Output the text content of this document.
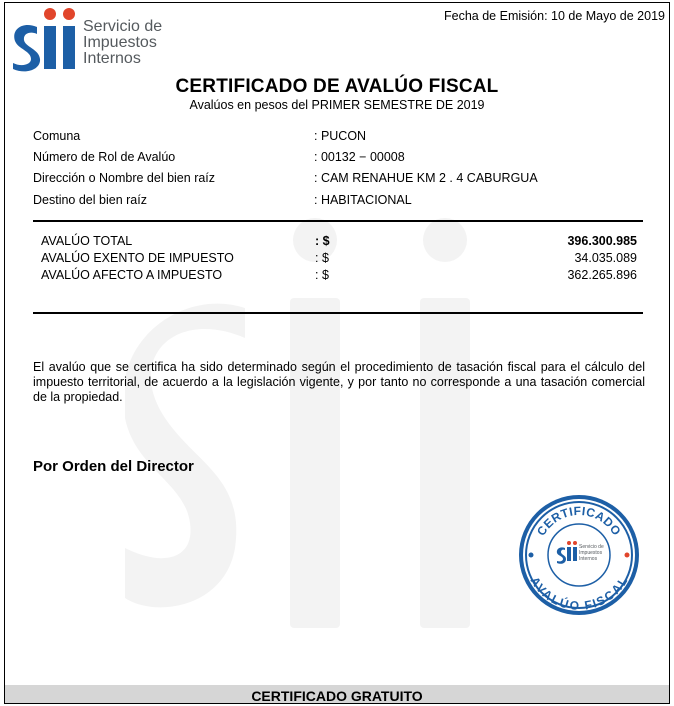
Servicio de
Impuestos
Internos
Fecha de Emisión: 10 de Mayo de 2019
CERTIFICADO DE AVALÚO FISCAL
Avalúos en pesos del PRIMER SEMESTRE DE 2019
Comuna	: PUCON
Número de Rol de Avalúo	: 00132 − 00008
Dirección o Nombre del bien raíz	: CAM RENAHUE KM 2 . 4 CABURGUA
Destino del bien raíz	: HABITACIONAL
AVALÚO TOTAL	: $	396.300.985
AVALÚO EXENTO DE IMPUESTO	: $	34.035.089
AVALÚO AFECTO A IMPUESTO	: $	362.265.896
El avalúo que se certifica ha sido determinado según el procedimiento de tasación fiscal para el cálculo del impuesto territorial, de acuerdo a la legislación vigente, y por tanto no corresponde a una tasación comercial de la propiedad.
Por Orden del Director
CERTIFICADO
AVALÚO FISCAL
Servicio de
Impuestos
Internos
CERTIFICADO GRATUITO
